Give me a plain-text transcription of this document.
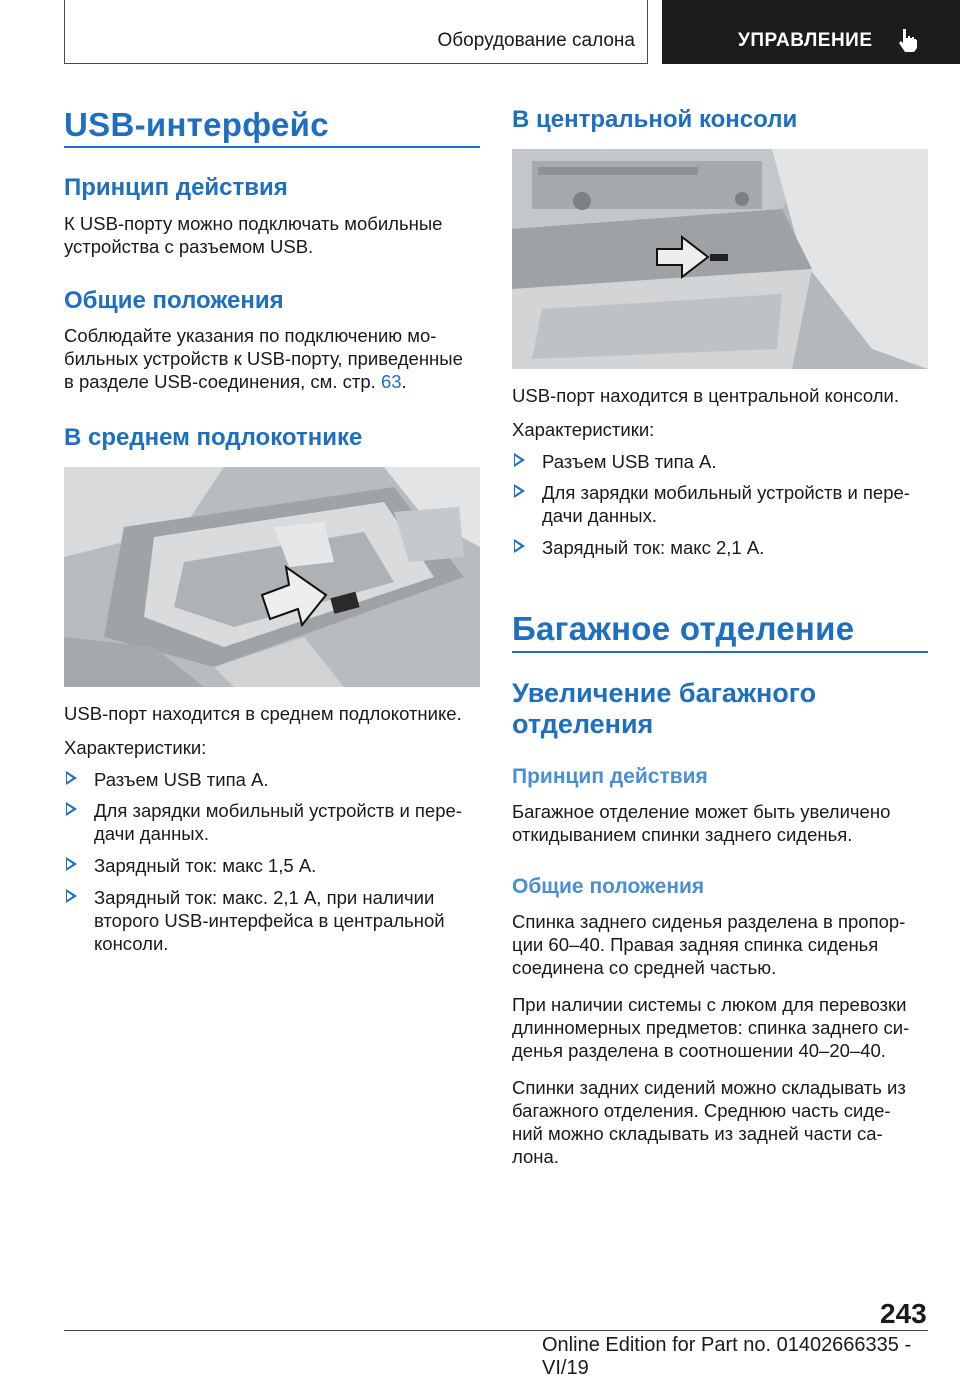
Оборудование салона	УПРАВЛЕНИЕ
USB-интерфейс
Принцип действия
К USB-порту можно подключать мобильные
устройства с разъемом USB.
Общие положения
Соблюдайте указания по подключению мо-
бильных устройств к USB-порту, приведенные
в разделе USB-соединения, см. стр. 63.
В среднем подлокотнике
USB-порт находится в среднем подлокотнике.
Характеристики:
Разъем USB типа A.
Для зарядки мобильный устройств и пере-
дачи данных.
Зарядный ток: макс 1,5 А.
Зарядный ток: макс. 2,1 А, при наличии
второго USB-интерфейса в центральной
консоли.
В центральной консоли
USB-порт находится в центральной консоли.
Характеристики:
Разъем USB типа A.
Для зарядки мобильный устройств и пере-
дачи данных.
Зарядный ток: макс 2,1 А.
Багажное отделение
Увеличение багажного
отделения
Принцип действия
Багажное отделение может быть увеличено
откидыванием спинки заднего сиденья.
Общие положения
Спинка заднего сиденья разделена в пропор-
ции 60–40. Правая задняя спинка сиденья
соединена со средней частью.
При наличии системы с люком для перевозки
длинномерных предметов: спинка заднего си-
денья разделена в соотношении 40–20–40.
Спинки задних сидений можно складывать из
багажного отделения. Среднюю часть сиде-
ний можно складывать из задней части са-
лона.
243
Online Edition for Part no. 01402666335 - VI/19
